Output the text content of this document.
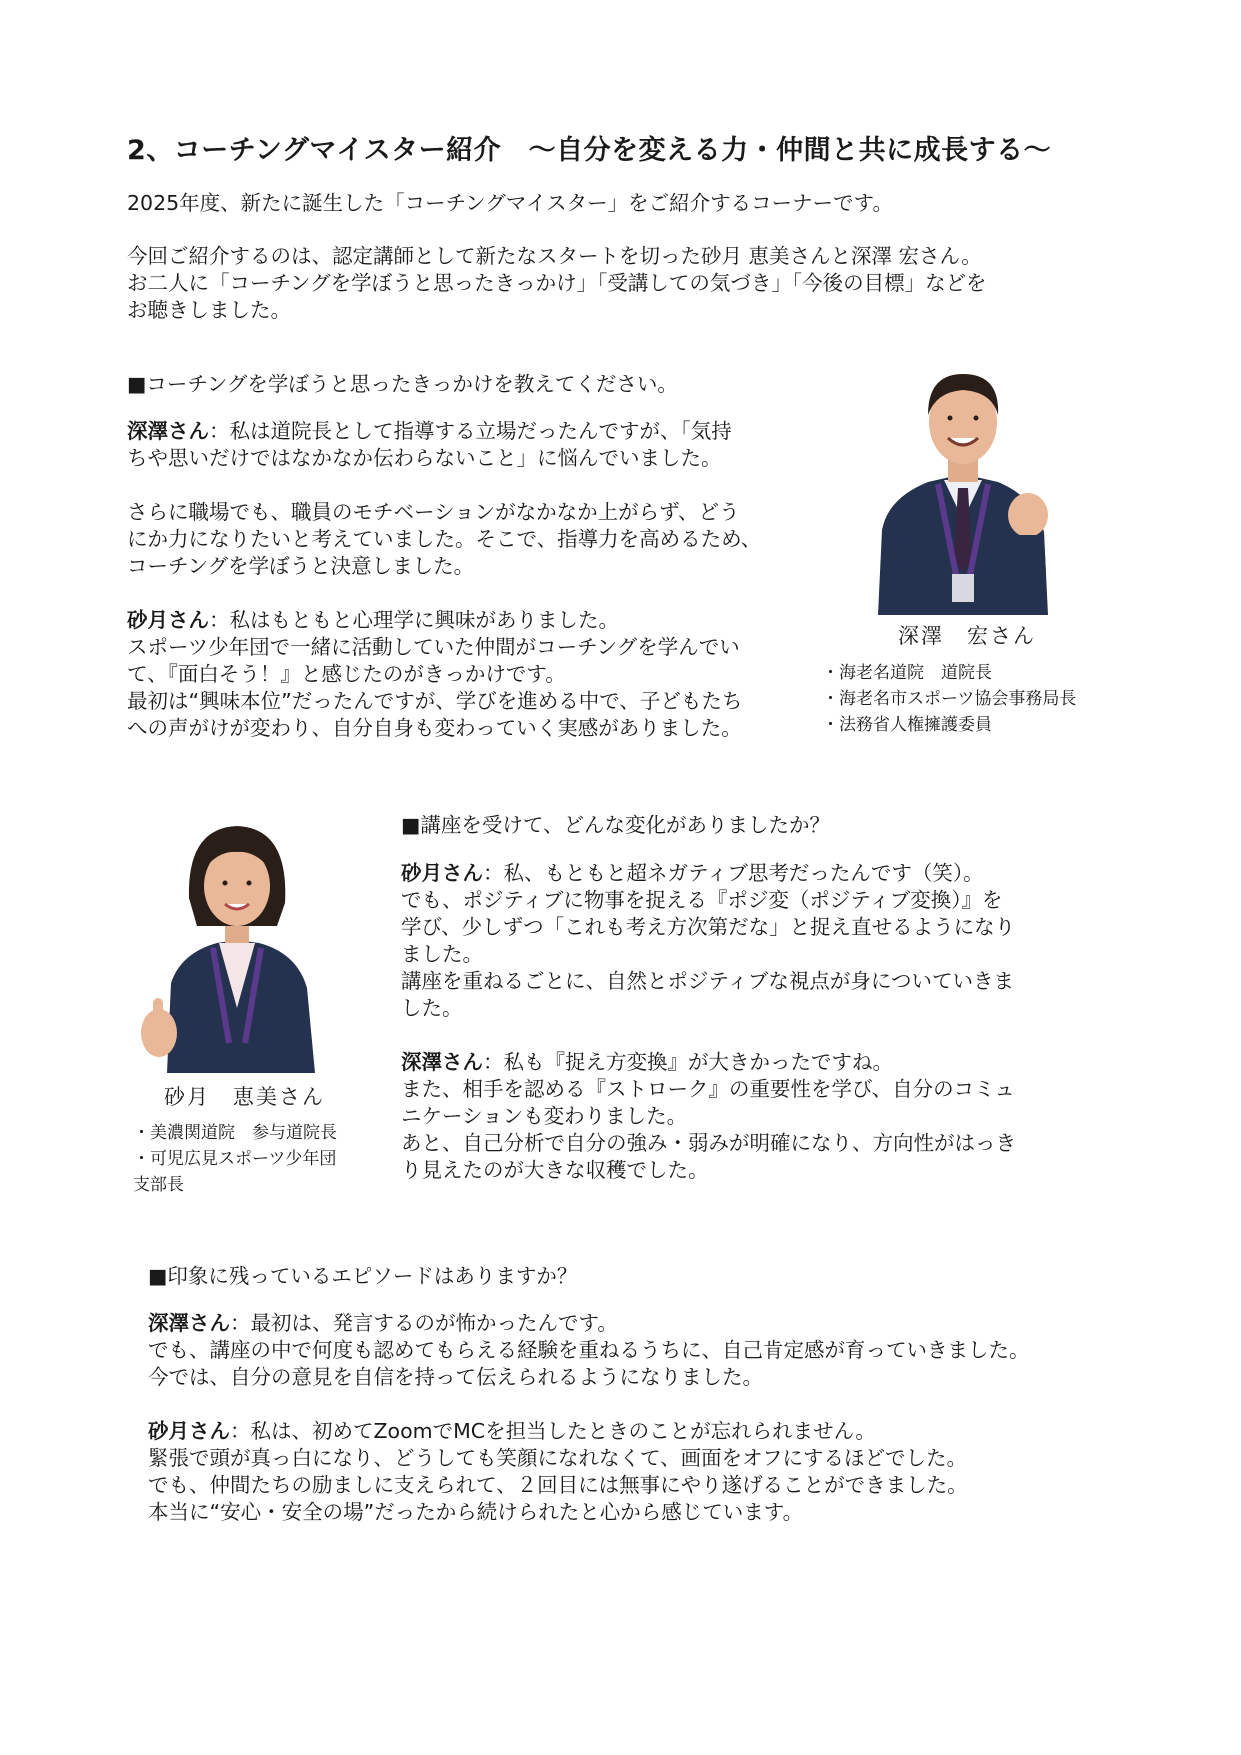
2、コーチングマイスター紹介　～自分を変える力・仲間と共に成長する～
2025年度、新たに誕生した「コーチングマイスター」をご紹介するコーナーです。
今回ご紹介するのは、認定講師として新たなスタートを切った砂月 恵美さんと深澤 宏さん。
お二人に「コーチングを学ぼうと思ったきっかけ」「受講しての気づき」「今後の目標」などを
お聴きしました。
■コーチングを学ぼうと思ったきっかけを教えてください。
深澤さん：私は道院長として指導する立場だったんですが、「気持
ちや思いだけではなかなか伝わらないこと」に悩んでいました。
さらに職場でも、職員のモチベーションがなかなか上がらず、どう
にか力になりたいと考えていました。そこで、指導力を高めるため、
コーチングを学ぼうと決意しました。
砂月さん：私はもともと心理学に興味がありました。
スポーツ少年団で一緒に活動していた仲間がコーチングを学んでい
て、『面白そう！』と感じたのがきっかけです。
最初は“興味本位”だったんですが、学びを進める中で、子どもたち
への声がけが変わり、自分自身も変わっていく実感がありました。
深澤　宏さん
・海老名道院　道院長
・海老名市スポーツ協会事務局長
・法務省人権擁護委員
砂月　恵美さん
・美濃関道院　参与道院長
・可児広見スポーツ少年団
支部長
■講座を受けて、どんな変化がありましたか？
砂月さん：私、もともと超ネガティブ思考だったんです（笑）。
でも、ポジティブに物事を捉える『ポジ変（ポジティブ変換）』を
学び、少しずつ「これも考え方次第だな」と捉え直せるようになり
ました。
講座を重ねるごとに、自然とポジティブな視点が身についていきま
した。
深澤さん：私も『捉え方変換』が大きかったですね。
また、相手を認める『ストローク』の重要性を学び、自分のコミュ
ニケーションも変わりました。
あと、自己分析で自分の強み・弱みが明確になり、方向性がはっき
り見えたのが大きな収穫でした。
■印象に残っているエピソードはありますか？
深澤さん：最初は、発言するのが怖かったんです。
でも、講座の中で何度も認めてもらえる経験を重ねるうちに、自己肯定感が育っていきました。
今では、自分の意見を自信を持って伝えられるようになりました。
砂月さん：私は、初めてZoomでMCを担当したときのことが忘れられません。
緊張で頭が真っ白になり、どうしても笑顔になれなくて、画面をオフにするほどでした。
でも、仲間たちの励ましに支えられて、２回目には無事にやり遂げることができました。
本当に“安心・安全の場”だったから続けられたと心から感じています。
